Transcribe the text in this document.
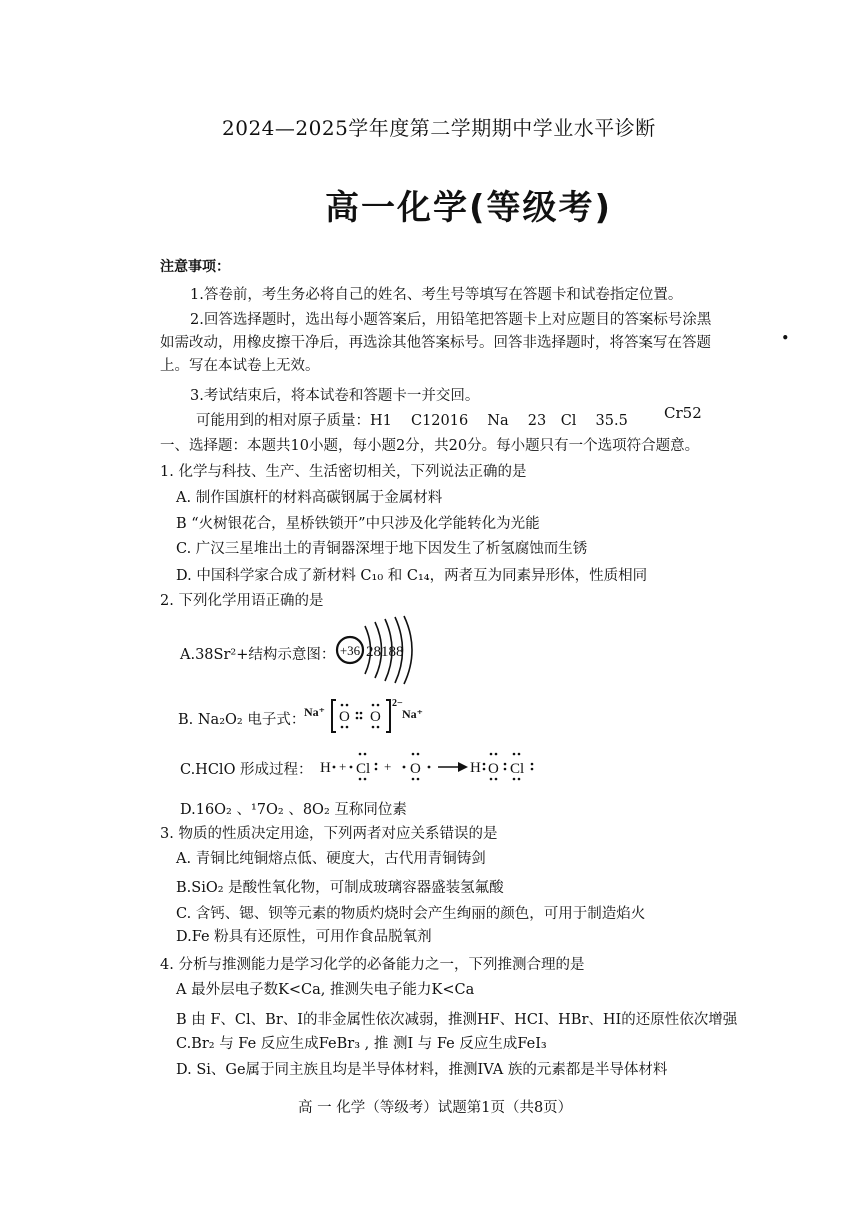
2024—2025学年度第二学期期中学业水平诊断
高一化学(等级考)
注意事项：
1.答卷前，考生务必将自己的姓名、考生号等填写在答题卡和试卷指定位置。
2.回答选择题时，选出每小题答案后，用铅笔把答题卡上对应题目的答案标号涂黑
如需改动，用橡皮擦干净后，再选涂其他答案标号。回答非选择题时，将答案写在答题	•
上。写在本试卷上无效。
3.考试结束后，将本试卷和答题卡一并交回。
可能用到的相对原子质量：H1　 C12016　 Na　 23　Cl　 35.5 Cr52
一、选择题：本题共10小题，每小题2分，共20分。每小题只有一个选项符合题意。
1. 化学与科技、生产、生活密切相关，下列说法正确的是
A. 制作国旗杆的材料高碳钢属于金属材料
B “火树银花合，星桥铁锁开”中只涉及化学能转化为光能
C. 广汉三星堆出土的青铜器深埋于地下因发生了析氢腐蚀而生锈
D. 中国科学家合成了新材料 C₁₀ 和 C₁₄，两者互为同素异形体，性质相同
2. 下列化学用语正确的是
A.38Sr²+结构示意图： +36 28188
B. Na₂O₂ 电子式：
Na⁺ O O
2−
Na⁺
C.HClO 形成过程： H + Cl + O	H O Cl
D.16O₂ 、¹7O₂ 、8O₂ 互称同位素
3. 物质的性质决定用途，下列两者对应关系错误的是
A. 青铜比纯铜熔点低、硬度大，古代用青铜铸剑
B.SiO₂ 是酸性氧化物，可制成玻璃容器盛装氢氟酸
C. 含钙、锶、钡等元素的物质灼烧时会产生绚丽的颜色，可用于制造焰火
D.Fe 粉具有还原性，可用作食品脱氧剂
4. 分析与推测能力是学习化学的必备能力之一，下列推测合理的是
A 最外层电子数K<Ca, 推测失电子能力K<Ca
B 由 F、Cl、Br、I的非金属性依次减弱，推测HF、HCI、HBr、HI的还原性依次增强
C.Br₂ 与 Fe 反应生成FeBr₃ , 推 测I 与 Fe 反应生成FeI₃
D. Si、Ge属于同主族且均是半导体材料，推测IVA 族的元素都是半导体材料
高 一 化学（等级考）试题第1页（共8页）
